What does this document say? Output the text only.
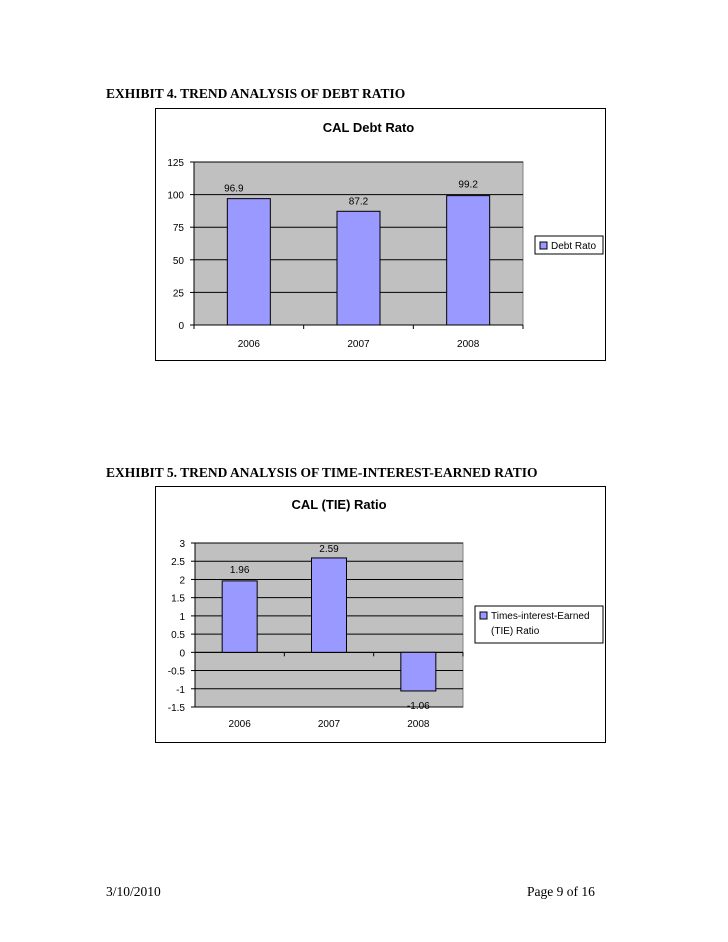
EXHIBIT 4. TREND ANALYSIS OF DEBT RATIO
CAL Debt Rato
0
25
50
75
100
125
96.9
2006
87.2
2007
99.2
2008
Debt Rato
EXHIBIT 5. TREND ANALYSIS OF TIME-INTEREST-EARNED RATIO
CAL (TIE) Ratio
-1.5
-1
-0.5
0
0.5
1
1.5
2
2.5
3
1.96
2006
2.59
2007
-1.06
2008
Times-interest-Earned
(TIE) Ratio
3/10/2010	Page 9 of 16
